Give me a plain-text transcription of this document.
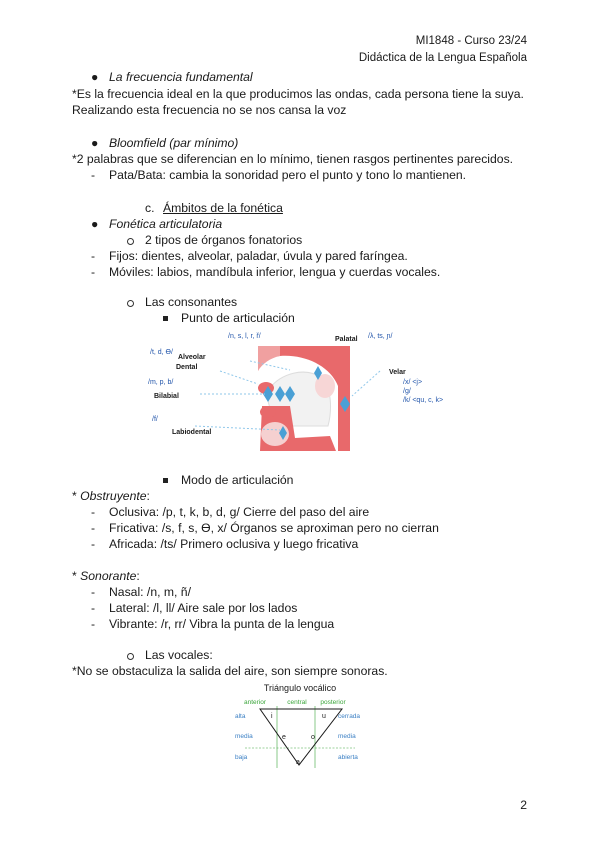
MI1848 - Curso 23/24
Didáctica de la Lengua Española
● La frecuencia fundamental
*Es la frecuencia ideal en la que producimos las ondas, cada persona tiene la suya.
Realizando esta frecuencia no se nos cansa la voz
● Bloomfield (par mínimo)
*2 palabras que se diferencian en lo mínimo, tienen rasgos pertinentes parecidos.
- Pata/Bata: cambia la sonoridad pero el punto y tono lo mantienen.
c. Ámbitos de la fonética
● Fonética articulatoria
2 tipos de órganos fonatorios
- Fijos: dientes, alveolar, paladar, úvula y pared faríngea.
- Móviles: labios, mandíbula inferior, lengua y cuerdas vocales.
Las consonantes
Punto de articulación
Alveolar
Palatal
Dental
Bilabial
Labiodental
Velar
/n, s, l, r, ř/	/λ, ts, ɲ/
/t, d, Ɵ/
/m, p, b/
/f/
/x/ <j>
/g/
/k/ <qu, c, k>
Modo de articulación
* Obstruyente:
- Oclusiva: /p, t, k, b, d, g/ Cierre del paso del aire
- Fricativa: /s, f, s, Ɵ, x/ Órganos se aproximan pero no cierran
- Africada: /ts/ Primero oclusiva y luego fricativa
* Sonorante:
- Nasal: /n, m, ñ/
- Lateral: /l, ll/ Aire sale por los lados
- Vibrante: /r, rr/ Vibra la punta de la lengua
Las vocales:
*No se obstaculiza la salida del aire, son siempre sonoras.
Triángulo vocálico
anterior	central posterior
alta
media
baja
cerrada
media
abierta
i	u
e	o
a
2
